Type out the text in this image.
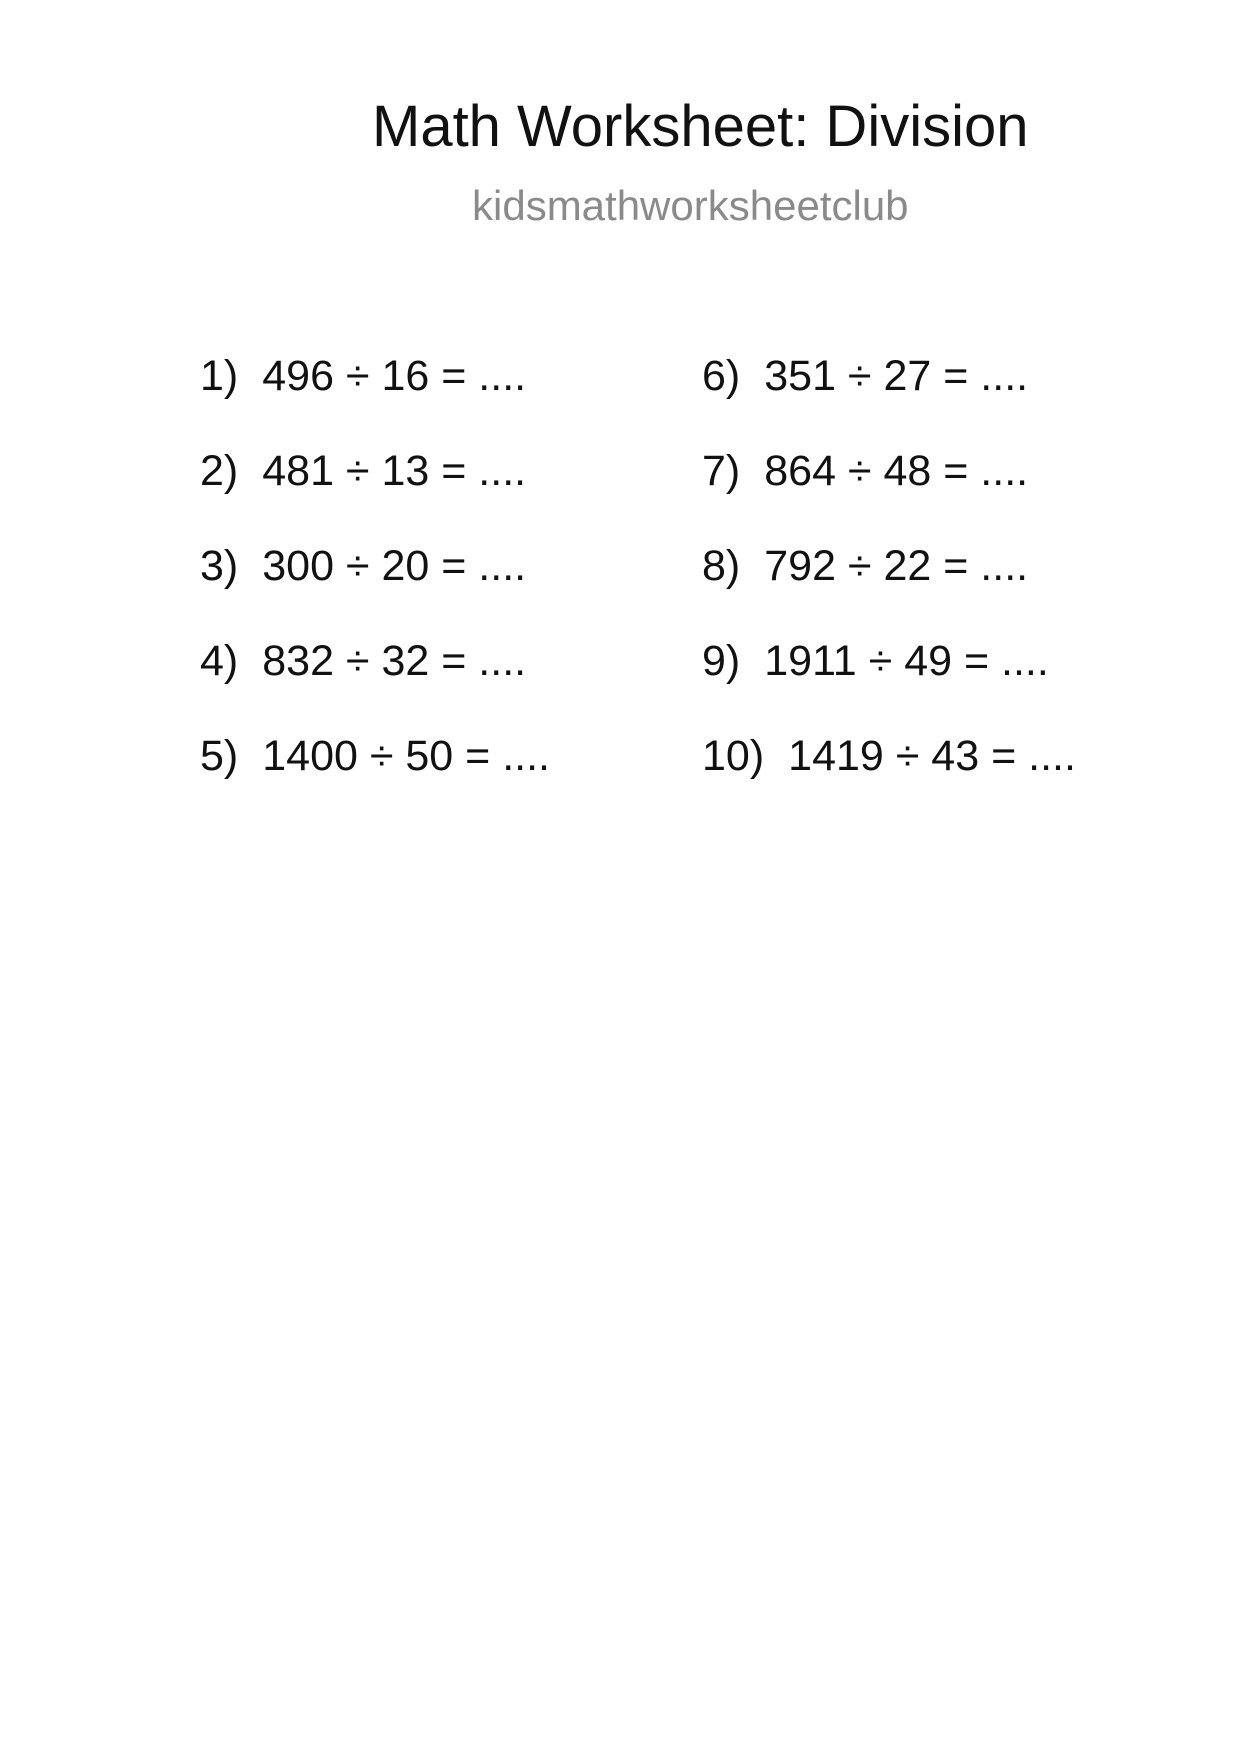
Math Worksheet: Division
kidsmathworksheetclub
1) 496 ÷ 16 = ....
2) 481 ÷ 13 = ....
3) 300 ÷ 20 = ....
4) 832 ÷ 32 = ....
5) 1400 ÷ 50 = ....
6) 351 ÷ 27 = ....
7) 864 ÷ 48 = ....
8) 792 ÷ 22 = ....
9) 1911 ÷ 49 = ....
10) 1419 ÷ 43 = ....
